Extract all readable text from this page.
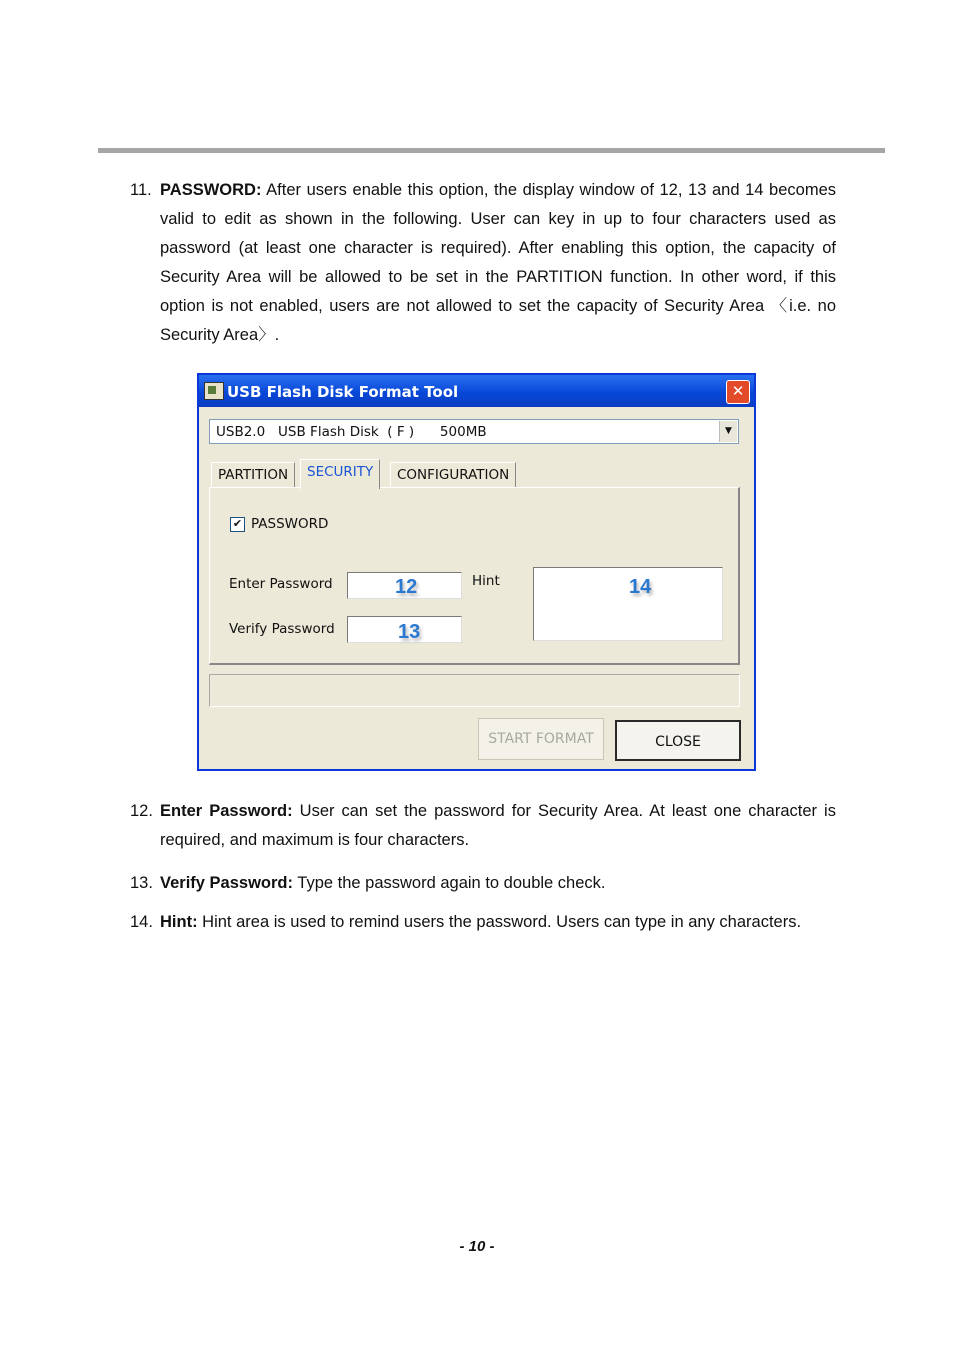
11. PASSWORD: After users enable this option, the display window of 12, 13 and 14 becomes valid to edit as shown in the following. User can key in up to four characters used as password (at least one character is required). After enabling this option, the capacity of Security Area will be allowed to be set in the PARTITION function. In other word, if this option is not enabled, users are not allowed to set the capacity of Security Area 〈i.e. no Security Area〉.
USB Flash Disk Format Tool	✕
USB2.0   USB Flash Disk  ( F )      500MB	▼
PARTITION	SECURITY	CONFIGURATION
✔ PASSWORD
Enter Password	12
Verify Password	13
Hint	14
START FORMAT	CLOSE
12. Enter Password: User can set the password for Security Area. At least one character is required, and maximum is four characters.
13. Verify Password: Type the password again to double check.
14. Hint: Hint area is used to remind users the password. Users can type in any characters.
- 10 -
